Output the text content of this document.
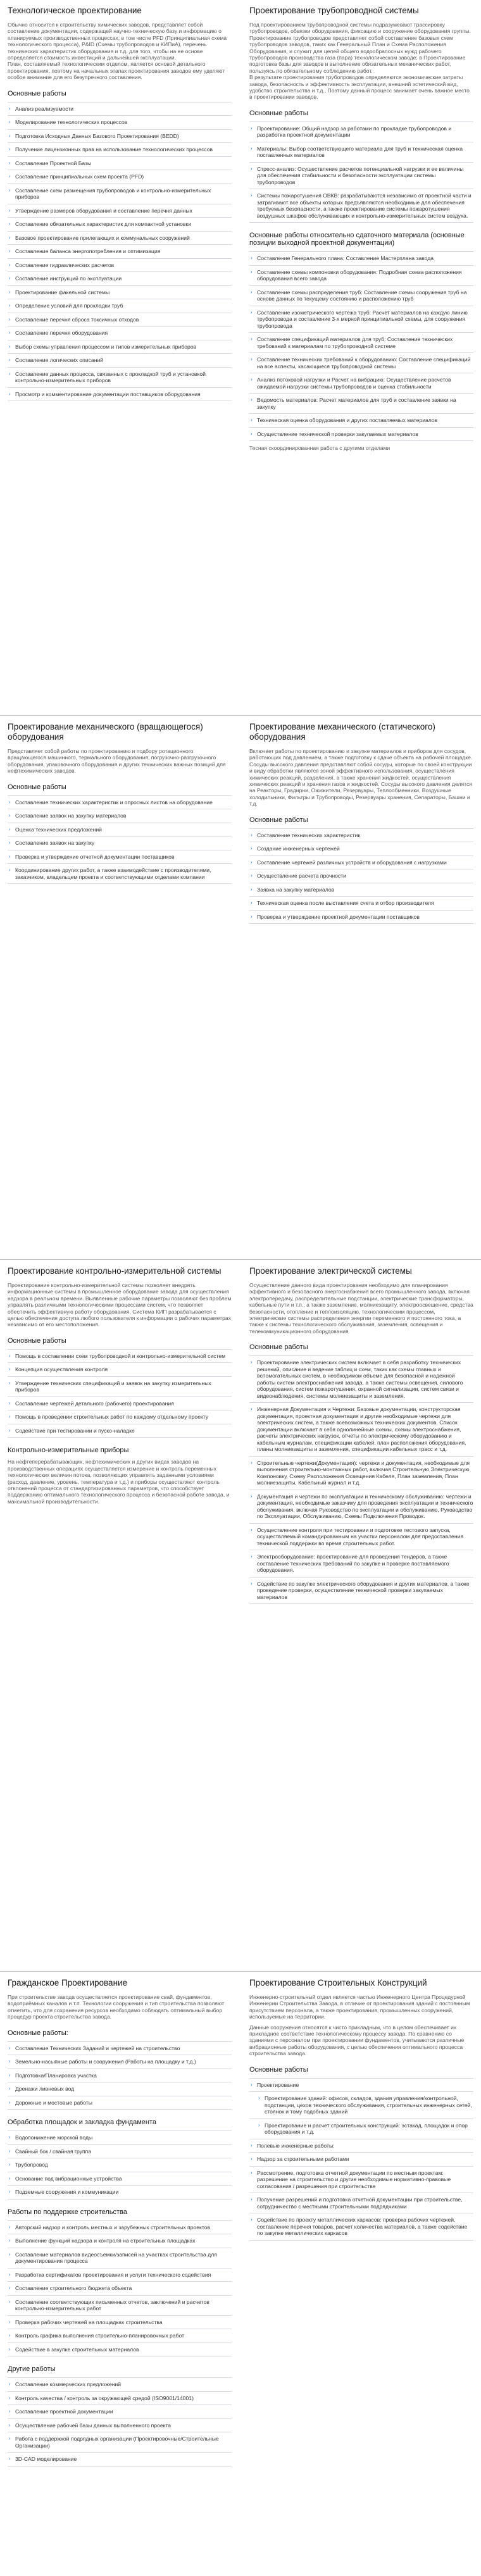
Технологическое проектирование

Обычно относится к строительству химических заводов, представляет собой составление документации, содержащей научно-техническую базу и информацию о планируемых производственных процессах, в том числе PFD (Принципиальная схема технологического процесса), P&ID (Схемы трубопроводов и КИПиА), перечень технических характеристик оборудования и т.д. для того, чтобы на ее основе определяется стоимость инвестиций и дальнейшей эксплуатации.

План, составляемый технологическим отделом, является основой детального проектирования, поэтому на начальных этапах проектирования заводов ему уделяют особое внимание для его безупречного составления.

Основные работы
› Анализ реализуемости
› Моделирование технологических процессов
› Подготовка Исходных Данных Базового Проектирования (BEDD)
› Получение лицензионных прав на использование технологических процессов
› Составление Проектной Базы
› Составление принципиальных схем проекта (PFD)
› Составление схем размещения трубопроводов и контрольно-измерительных приборов
› Утверждение размеров оборудования и составление перечня данных
› Составление обязательных характеристик для компактной установки
› Базовое проектирование прилегающих и коммунальных сооружений
› Составление баланса энергопотребления и оптимизация
› Составление гидравлических расчетов
› Составление инструкций по эксплуатации
› Проектирование факельной системы
› Определение условий для прокладки труб
› Составление перечня сброса токсичных отходов
› Составление перечня оборудования
› Выбор схемы управления процессом и типов измерительных приборов
› Составление логических описаний
› Составление данных процесса, связанных с прокладкой труб и установкой контрольно-измерительных приборов
› Просмотр и комментирование документации поставщиков оборудования
Проектирование трубопроводной системы

Под проектированием трубопроводной системы подразумевают трассировку трубопроводов, обвязки оборудования, фиксацию и сооружение оборудования группы. Проектирование трубопроводов представляет собой составление базовых схем трубопроводов заводов, таких как Генеральный План и Схема Расположения Оборудования, и служит для целей общего водообрапосных нужд рабочего трубопроводов производства газа (пара) технологическом заводе; в Проектирование подготовка базы для заводов и выполнение обязательных механических работ, пользуясь по обязательному соблюдению работ.

В результате проектирования трубопроводов определяются экономические затраты завода, безопасность и эффективность эксплуатации, внешний эстетический вид, удобство строительства и т.д., Поэтому данный процесс занимает очень важное место в проектировании заводов.

Основные работы
› Проектирование: Общий надзор за работами по прокладке трубопроводов и разработка проектной документации
› Материалы: Выбор соответствующего материала для труб и техническая оценка поставленных материалов
› Стресс-анализ: Осуществление расчетов потенциальной нагрузки и ее величины для обеспечения стабильности и безопасности эксплуатации системы трубопроводов
› Системы пожаротушения ОВКВ: разрабатываются независимо от проектной части и затрагивают все объекты которых предъявляются необходимые для обеспечения требуемых безопасности, а также проектирование системы пожаротушения воздушных шкафов обслуживающих и контрольно-измерительных систем воздуха.
Основные работы относительно сдаточного материала (основные позиции выходной проектной документации)
› Составление Генерального плана: Составление Мастерплана завода
› Составление схемы компоновки оборудования: Подробная схема расположения оборудования всего завода
› Составление схемы распределения труб: Составление схемы сооружения труб на основе данных по текущему состоянию и расположению труб
› Составление изометрического чертежа труб: Расчет материалов на каждую линию трубопровода и составление 3-х мерной принципиальной схемы, для сооружения трубопровода
› Составление спецификаций материалов для труб: Составление технических требований к материалам по трубопроводной системе
› Составление технических требований к оборудованию: Составление спецификаций на все аспекты, касающиеся трубопроводной системы
› Анализ потоковой нагрузки и Расчет на вибрацию: Осуществление расчетов ожидаемой нагрузки системы трубопроводов и оценка стабильности
› Ведомость материалов: Расчет материалов для труб и составление заявки на закупку
› Техническая оценка оборудования и других поставляемых материалов
› Осуществление технической проверки закупаемых материалов
Тесная скоординированная работа с другими отделами
Проектирование механического (вращающегося) оборудования

Представляет собой работы по проектированию и подбору ротационного вращающегося машинного, термального оборудования, погрузочно-разгрузочного оборудования, упаковочного оборудования и других технических важных позиций для нефтехимических заводов.

Основные работы
› Составление технических характеристик и опросных листов на оборудование
› Составление заявок на закупку материалов
› Оценка технических предложений
› Составление заявок на закупку
› Проверка и утверждение отчетной документации поставщиков
› Координирование других работ, а также взаимодействие с производителями, заказчиком, владельцем проекта и соответствующими отделами компании
Проектирование механического (статического) оборудования

Включает работы по проектированию и закупке материалов и приборов для сосудов, работающих под давлением, а также подготовку к сдаче объекта на рабочей площадке.

Сосуды высокого давления представляют собой сосуды, которые по своей конструкции и виду обработки являются зоной эффективного использования, осуществления химических реакций, разделения, а также хранения жидкостей, осуществления химических реакций и хранения газов и жидкостей. Сосуды высокого давления делятся на Реакторы, Градирни, Ожижители, Резервуары, Теплообменники, Воздушные холодильники, Фильтры и Трубопроводы, Резервуары хранения, Сепараторы, Башни и т.д.

Основные работы
› Составление технических характеристик
› Создание инженерных чертежей
› Составление чертежей различных устройств и оборудования с нагрузками
› Осуществление расчета прочности
› Заявка на закупку материалов
› Техническая оценка после выставления счета и отбор производителя
› Проверка и утверждение проектной документации поставщиков
Проектирование контрольно-измерительной системы

Проектирование контрольно-измерительной системы позволяет внедрять информационные системы в промышленное оборудование завода для осуществления надзора в реальном времени. Выявленные рабочие параметры позволяют без проблем управлять различными технологическими процессами систем, что позволяет обеспечить эффективную работу оборудования. Система КИП разрабатывается с целью обеспечения доступа любого пользователя к информации о рабочих параметрах независимо от его местоположения.

Основные работы
› Помощь в составлении схем трубопроводной и контрольно-измерительной систем
› Концепция осуществления контроля
› Утверждение технических спецификаций и заявок на закупку измерительных приборов
› Составление чертежей детального (рабочего) проектирования
› Помощь в проведении строительных работ по каждому отдельному проекту
› Содействие при тестировании и пуско-наладке
Контрольно-измерительные приборы
На нефтеперерабатывающих, нефтехимических и других видах заводов на производственных операциях осуществляется измерение и контроль переменных технологических величин потока, позволяющих управлять заданными условиями (расход, давление, уровень, температура и т.д.) и приборы осуществляют контроль отклонений процесса от стандартизированных параметров, что способствует поддержанию оптимального технологического процесса и безопасной работе завода, и максимальной производительности.
Проектирование электрической системы

Осуществление данного вида проектирования необходимо для планирования эффективного и безопасного энергоснабжения всего промышленного завода, включая электропередачу, распределительные подстанции, электрические трансформаторы, кабельные пути и т.п., а также заземление, молниезащиту, электроосвещение, средства безопасности, отопление и теплоизоляцию, технологическим процессом, электрические системы распределения энергии переменного и постоянного тока, а также к системы технологического обслуживания, заземления, освещения и телекоммуникационного оборудования.

Основные работы
› Проектирование электрических систем включает в себя разработку технических решений, описание и ведение таблиц и схем, таких как схемы главных и вспомогательных систем, в необходимом объеме для безопасной и надежной работы систем электроснабжения завода, а также системы освещения, силового оборудования, систем пожаротушения, охранной сигнализации, систем связи и видеонаблюдения, системы молниезащиты и заземления.
› Инженерная Документация и Чертежи: Базовые документации, конструкторская документация, проектная документация и другие необходимые чертежи для электрических систем, а также всевозможных технических документов. Список документации включает в себя однолинейные схемы, схемы электроснабжения, расчеты электрических нагрузок, отчеты по электрическому оборудованию и кабельным журналам, спецификации кабелей, план расположения оборудования, планы молниезащиты и заземления, спецификации кабельных трасс и т.д.
› Строительные чертежи(Документация): чертежи и документация, необходимые для выполнения строительно-монтажных работ, включая Строительную Электрическую Компоновку, Схему Расположения Освещения Кабеля, План заземления, План молниезащиты, Кабельный журнал и т.д.
› Документация и чертежи по эксплуатации и техническому обслуживанию: чертежи и документация, необходимые заказчику для проведения эксплуатации и технического обслуживания, включая Руководство по эксплуатации и обслуживанию, Руководство по Эксплуатации, Обслуживанию, Схемы Подключения Проводок.
› Осуществление контроля при тестировании и подготовке тестового запуска, осуществляемый командированным на участки персоналом для предоставления технической поддержки во время строительных работ.
› Электрооборудование: проектирование для проведения тендеров, а также составление технических требований по закупке и проверке поставляемого оборудования.
› Содействие по закупке электрического оборудования и других материалов, а также проведение проверки, осуществление технической проверки закупаемых материалов
Гражданское Проектирование

При строительстве завода осуществляется проектирование свай, фундаментов, водоприёмных каналов и т.п. Технологии сооружения и тип строительства позволяют отметить, что для сохранения ресурсов необходимо соблюдать оптимальный выбор процедур проекта строительства завода.

Основные работы:
› Составление Технических Заданий и чертежей на строительство
› Земельно-насыпные работы и сооружения (Работы на площадку и т.д.)
› Подготовка/Планировка участка
› Дренажи ливневых вод
› Дорожные и мостовые работы
Обработка площадок и закладка фундамента
› Водопонижение морской воды
› Свайный бок / свайная группа
› Трубопровод
› Основание под вибрационные устройства
› Подземные сооружения и коммуникации
Работы по поддержке строительства
› Авторский надзор и контроль местных и зарубежных строительных проектов
› Выполнение функций надзора и контроля на строительных площадках
› Составление материалов видеосъемки/записей на участках строительства для документирования процесса
› Разработка сертификатов проектирования и услуги технического содействия
› Составление строительного бюджета объекта
› Составление соответствующих письменных отчетов, заключений и расчетов контрольно-измерительных работ
› Проверка рабочих чертежей на площадках строительства
› Контроль графика выполнения строительно-планировочных работ
› Содействие в закупке строительных материалов
Другие работы
› Составление коммерческих предложений
› Контроль качества / контроль за окружающей средой (ISO9001/14001)
› Составление проектной документации
› Осуществление рабочей базы данных выполненного проекта
› Работа с поддержкой подрядных организации (Проектировочные/Строительные Организации)
› 3D-CAD моделирование
Проектирование Строительных Конструкций

Инженерно-строительный отдел является частью Инженерного Центра Процедурной Инженерии Строительства Завода, в отличие от проектирования зданий с постоянным присутствием персонала, а также проектирования, промышленных сооружений, используемые на территории.

Данные сооружения относятся к чисто прикладным, что в целом обеспечивает их прикладное соответствие технологическому процессу завода. По сравнению со зданиями с персоналом при проектировании фундаментов, учитываются различные вибрационные работы оборудования, с целью обеспечения оптимального процесса строительства завода.

Основные работы
› Проектирование
› Проектирование зданий: офисов, складов, здания управления/контрольной, подстанции, цехов технического обслуживания, строительных инженерных сетей, стоянок и тому подобных зданий
› Проектирование и расчет строительных конструкций: эстакад, площадок и опор оборудования и т.д.
› Полевые инженерные работы:
› Надзор за строительными работами
› Рассмотрение, подготовка отчетной документации по местным проектам: разрешение на строительство и другие необходимые нормативно-правовые согласования / разрешения при строительстве
› Получение разрешений и подготовка отчетной документации при строительстве, сотрудничество с местными строительными подрядчиками
› Содействие по проекту металлических каркасов: проверка рабочих чертежей, составление перечня товаров, расчет количества материалов, а также содействие по закупке металлических каркасов
